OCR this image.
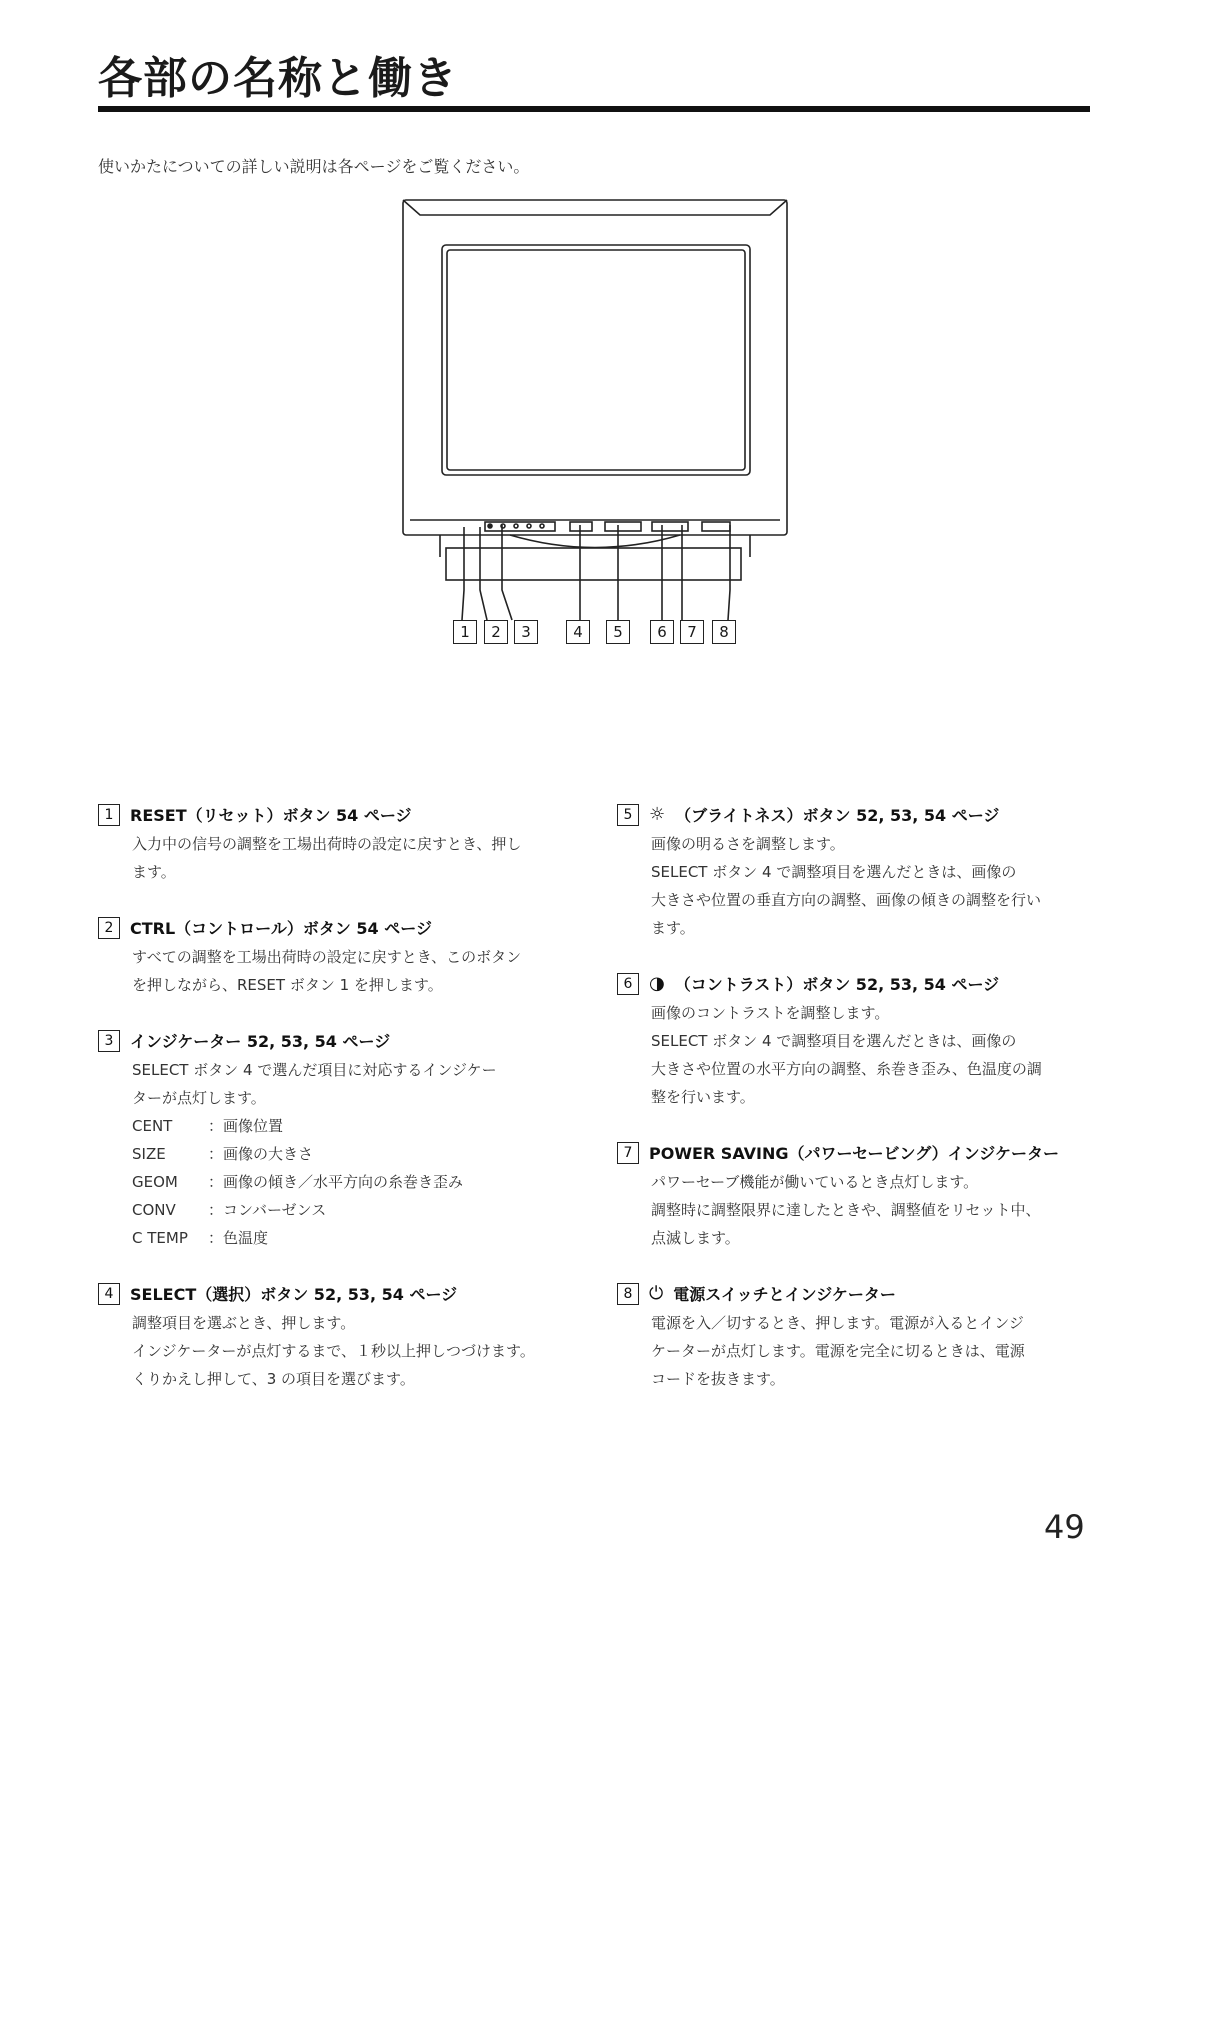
各部の名称と働き
使いかたについての詳しい説明は各ページをご覧ください。
1	2	3	4	5	6	7	8
1	RESET（リセット）ボタン 54 ページ

入力中の信号の調整を工場出荷時の設定に戻すとき、押し

ます。

2	CTRL（コントロール）ボタン 54 ページ

すべての調整を工場出荷時の設定に戻すとき、このボタン

を押しながら、RESET ボタン 1 を押します。

3	インジケーター 52, 53, 54 ページ

SELECT ボタン 4 で選んだ項目に対応するインジケー

ターが点灯します。

CENT	：画像位置
SIZE	：画像の大きさ
GEOM	：画像の傾き／水平方向の糸巻き歪み
CONV	：コンバーゼンス
C TEMP	：色温度
4	SELECT（選択）ボタン 52, 53, 54 ページ

調整項目を選ぶとき、押します。

インジケーターが点灯するまで、１秒以上押しつづけます。

くりかえし押して、3 の項目を選びます。

5 ☼ （ブライトネス）ボタン 52, 53, 54 ページ

画像の明るさを調整します。

SELECT ボタン 4 で調整項目を選んだときは、画像の

大きさや位置の垂直方向の調整、画像の傾きの調整を行い

ます。

6 ◑ （コントラスト）ボタン 52, 53, 54 ページ

画像のコントラストを調整します。

SELECT ボタン 4 で調整項目を選んだときは、画像の

大きさや位置の水平方向の調整、糸巻き歪み、色温度の調

整を行います。

7	POWER SAVING（パワーセービング）インジケーター

パワーセーブ機能が働いているとき点灯します。

調整時に調整限界に達したときや、調整値をリセット中、

点滅します。

8 ⏻ 電源スイッチとインジケーター

電源を入／切するとき、押します。電源が入るとインジ

ケーターが点灯します。電源を完全に切るときは、電源

コードを抜きます。

49
